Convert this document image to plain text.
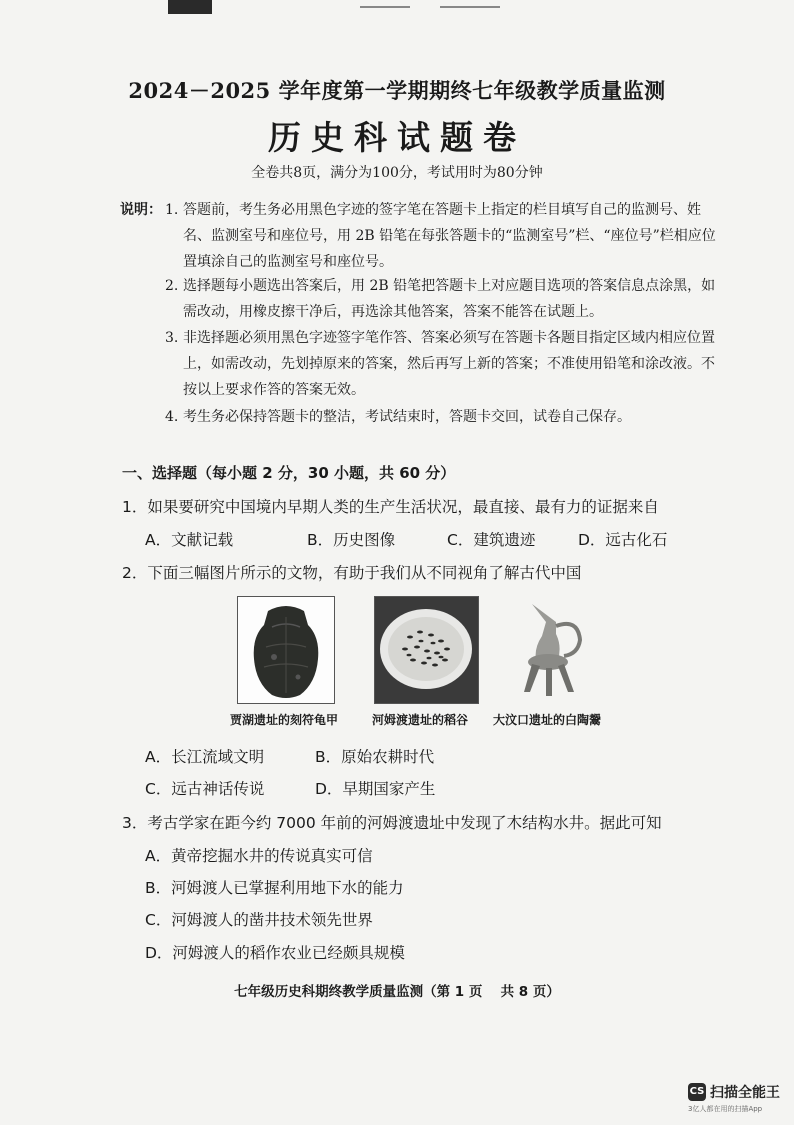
2024－2025 学年度第一学期期终七年级教学质量监测
历史科试题卷
全卷共8页，满分为100分，考试用时为80分钟
说明： 1. 答题前，考生务必用黑色字迹的签字笔在答题卡上指定的栏目填写自己的监测号、姓名、监测室号和座位号，用 2B 铅笔在每张答题卡的“监测室号”栏、“座位号”栏相应位置填涂自己的监测室号和座位号。
2. 选择题每小题选出答案后，用 2B 铅笔把答题卡上对应题目选项的答案信息点涂黑，如需改动，用橡皮擦干净后，再选涂其他答案，答案不能答在试题上。
3. 非选择题必须用黑色字迹签字笔作答、答案必须写在答题卡各题目指定区域内相应位置上，如需改动，先划掉原来的答案，然后再写上新的答案；不准使用铅笔和涂改液。不按以上要求作答的答案无效。
4. 考生务必保持答题卡的整洁，考试结束时，答题卡交回，试卷自己保存。
一、选择题（每小题 2 分，30 小题，共 60 分）
1．如果要研究中国境内早期人类的生产生活状况，最直接、最有力的证据来自
A．文献记载	B．历史图像	C．建筑遗迹	D．远古化石
2．下面三幅图片所示的文物，有助于我们从不同视角了解古代中国
贾湖遗址的刻符龟甲	河姆渡遗址的稻谷 大汶口遗址的白陶鬶
A．长江流域文明	B．原始农耕时代
C．远古神话传说	D．早期国家产生
3．考古学家在距今约 7000 年前的河姆渡遗址中发现了木结构水井。据此可知
A．黄帝挖掘水井的传说真实可信
B．河姆渡人已掌握利用地下水的能力
C．河姆渡人的凿井技术领先世界
D．河姆渡人的稻作农业已经颇具规模
七年级历史科期终教学质量监测（第 1 页　 共 8 页）
CS 扫描全能王
3亿人都在用的扫描App
